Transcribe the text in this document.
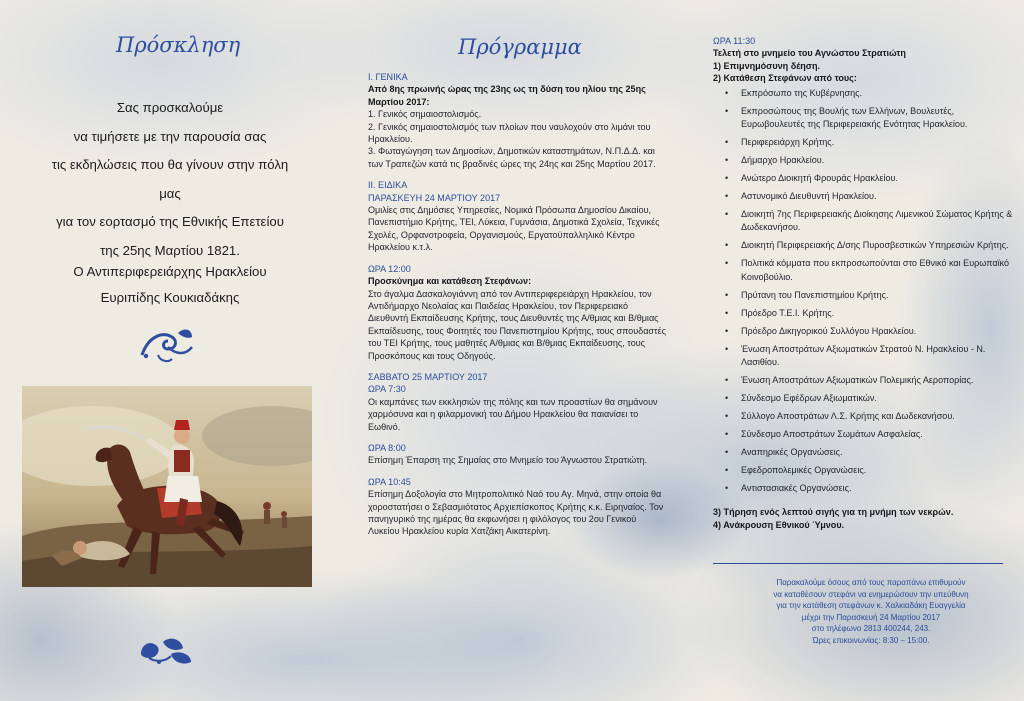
Πρόσκληση
Σας προσκαλούμε
να τιμήσετε με την παρουσία σας
τις εκδηλώσεις που θα γίνουν στην πόλη μας
για τον εορτασμό της Εθνικής Επετείου
της 25ης Μαρτίου 1821.
Ο Αντιπεριφερειάρχης Ηρακλείου
Ευριπίδης Κουκιαδάκης
Πρόγραμμα

Ι. ΓΕΝΙΚΑ

Από 8ης πρωινής ώρας της 23ης ως τη δύση του ηλίου της 25ης Μαρτίου 2017:

1. Γενικός σημαιοστολισμός.

2. Γενικός σημαιοστολισμός των πλοίων που ναυλοχούν στο λιμάνι του Ηρακλείου.

3. Φωταγώγηση των Δημοσίων, Δημοτικών καταστημάτων, Ν.Π.Δ.Δ. και των Τραπεζών κατά τις βραδινές ώρες της 24ης και 25ης Μαρτίου 2017.

ΙΙ. ΕΙΔΙΚΑ

ΠΑΡΑΣΚΕΥΗ 24 ΜΑΡΤΙΟΥ 2017

Ομιλίες στις Δημόσιες Υπηρεσίες, Νομικά Πρόσωπα Δημοσίου Δικαίου, Πανεπιστήμιο Κρήτης, ΤΕΙ, Λύκεια, Γυμνάσια, Δημοτικά Σχολεία, Τεχνικές Σχολές, Ορφανοτροφεία, Οργανισμούς, Εργατοϋπαλληλικό Κέντρο Ηρακλείου κ.τ.λ.

ΩΡΑ 12:00

Προσκύνημα και κατάθεση Στεφάνων:

Στο άγαλμα Δασκαλογιάννη από τον Αντιπεριφερειάρχη Ηρακλείου, τον Αντιδήμαρχο Νεολαίας και Παιδείας Ηρακλείου, τον Περιφερειακό Διευθυντή Εκπαίδευσης Κρήτης, τους Διευθυντές της Α/θμιας και Β/θμιας Εκπαίδευσης, τους Φοιτητές του Πανεπιστημίου Κρήτης, τους σπουδαστές του ΤΕΙ Κρήτης, τους μαθητές Α/θμιας και Β/θμιας Εκπαίδευσης, τους Προσκόπους και τους Οδηγούς.

ΣΑΒΒΑΤΟ 25 ΜΑΡΤΙΟΥ 2017

ΩΡΑ 7:30

Οι καμπάνες των εκκλησιών της πόλης και των προαστίων θα σημάνουν χαρμόσυνα και η φιλαρμονική του Δήμου Ηρακλείου θα παιανίσει το Εωθινό.

ΩΡΑ 8:00

Επίσημη Έπαρση της Σημαίας στο Μνημείο του Άγνωστου Στρατιώτη.

ΩΡΑ 10:45

Επίσημη Δοξολογία στο Μητροπολιτικό Ναό του Αγ. Μηνά, στην οποία θα χοροστατήσει ο Σεβασμιότατος Αρχιεπίσκοπος Κρήτης κ.κ. Ειρηναίος. Τον πανηγυρικό της ημέρας θα εκφωνήσει η φιλόλογος του 2ου Γενικού Λυκείου Ηρακλείου κυρία Χατζάκη Αικατερίνη.

ΩΡΑ 11:30

Τελετή στο μνημείο του Αγνώστου Στρατιώτη

1) Επιμνημόσυνη δέηση.

2) Κατάθεση Στεφάνων από τους:

• Εκπρόσωπο της Κυβέρνησης.
• Εκπροσώπους της Βουλής των Ελλήνων, Βουλευτές, Ευρωβουλευτές της Περιφερειακής Ενότητας Ηρακλείου.
• Περιφερειάρχη Κρήτης.
• Δήμαρχο Ηρακλείου.
• Ανώτερο Διοικητή Φρουράς Ηρακλείου.
• Αστυνομικό Διευθυντή Ηρακλείου.
• Διοικητή 7ης Περιφερειακής Διοίκησης Λιμενικού Σώματος Κρήτης & Δωδεκανήσου.
• Διοικητή Περιφερειακής Δ/σης Πυροσβεστικών Υπηρεσιών Κρήτης.
• Πολιτικά κόμματα που εκπροσωπούνται στο Εθνικό και Ευρωπαϊκό Κοινοβούλιο.
• Πρύτανη του Πανεπιστημίου Κρήτης.
• Πρόεδρο Τ.Ε.Ι. Κρήτης.
• Πρόεδρο Δικηγορικού Συλλόγου Ηρακλείου.
• Ένωση Αποστράτων Αξιωματικών Στρατού Ν. Ηρακλείου - Ν. Λασιθίου.
• Ένωση Αποστράτων Αξιωματικών Πολεμικής Αεροπορίας.
• Σύνδεσμο Εφέδρων Αξιωματικών.
• Σύλλογο Αποστράτων Λ.Σ. Κρήτης και Δωδεκανήσου.
• Σύνδεσμο Αποστράτων Σωμάτων Ασφαλείας.
• Αναπηρικές Οργανώσεις.
• Εφεδροπολεμικές Οργανώσεις.
• Αντιστασιακές Οργανώσεις.

3) Τήρηση ενός λεπτού σιγής για τη μνήμη των νεκρών.

4) Ανάκρουση Εθνικού Ύμνου.

Παρακαλούμε όσους από τους παραπάνω επιθυμούν
να καταθέσουν στεφάνι να ενημερώσουν την υπεύθυνη
για την κατάθεση στεφάνων κ. Χαλκιαδάκη Ευαγγελία
μέχρι την Παρασκευή 24 Μαρτίου 2017
στο τηλέφωνο 2813 400244, 243.
Ώρες επικοινωνίας: 8:30 – 15:00.
